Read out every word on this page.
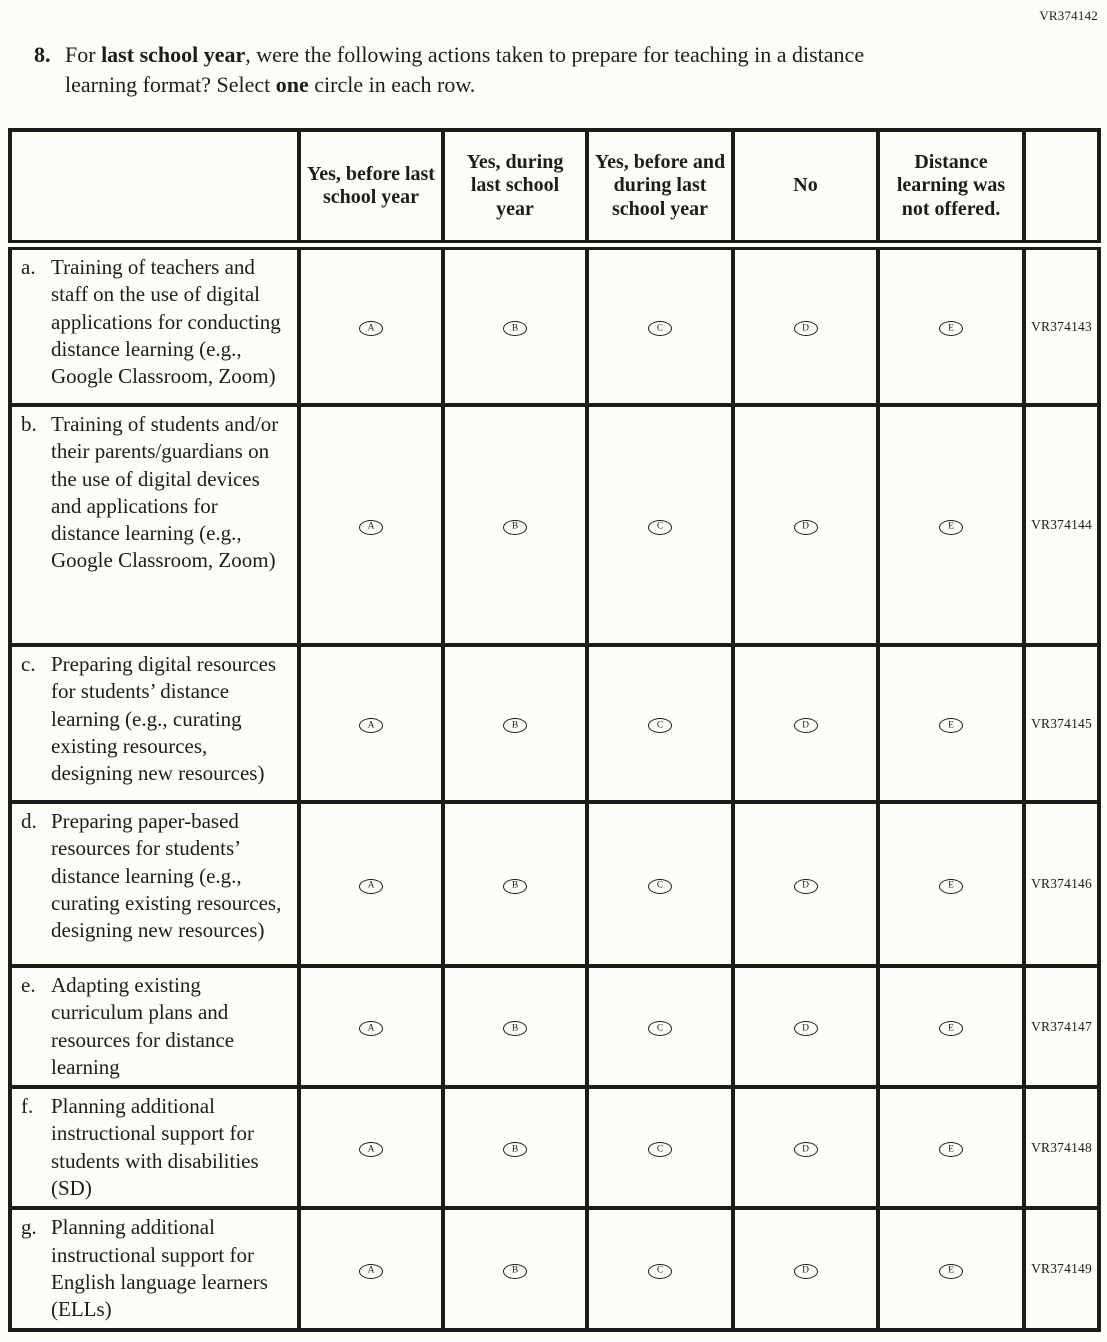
VR374142
8. For last school year, were the following actions taken to prepare for teaching in a distance learning format? Select one circle in each row.

	Yes, before last school year	Yes, during last school year	Yes, before and during last school year	No	Distance learning was not offered.	

a. Training of teachers and staff on the use of digital applications for conducting distance learning (e.g., Google Classroom, Zoom)	A	B	C	D	E	VR374143

b. Training of students and/or their parents/guardians on the use of digital devices and applications for distance learning (e.g., Google Classroom, Zoom)	A	B	C	D	E	VR374144

c. Preparing digital resources for students’ distance learning (e.g., curating existing resources, designing new resources)	A	B	C	D	E	VR374145

d. Preparing paper-based resources for students’ distance learning (e.g., curating existing resources, designing new resources)	A	B	C	D	E	VR374146

e. Adapting existing curriculum plans and resources for distance learning	A	B	C	D	E	VR374147

f. Planning additional instructional support for students with disabilities (SD)	A	B	C	D	E	VR374148

g. Planning additional instructional support for English language learners (ELLs)	A	B	C	D	E	VR374149
